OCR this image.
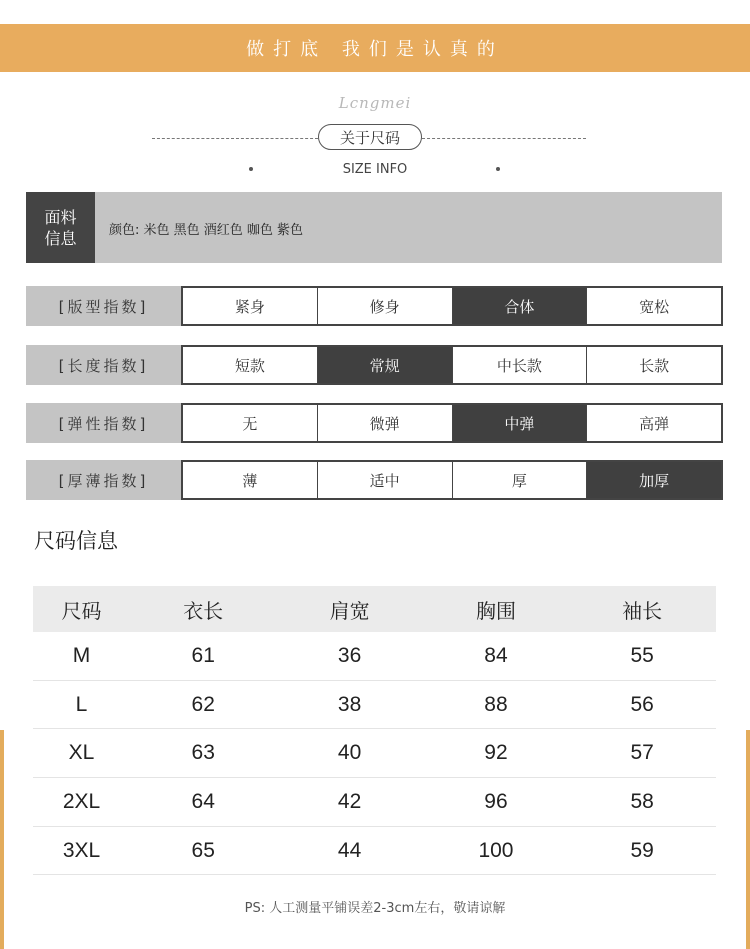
做打底 我们是认真的
Lcngmei
关于尺码
SIZE INFO
面料
信息	颜色: 米色 黑色 酒红色 咖色 紫色
[版型指数]	紧身	修身	合体	宽松
[长度指数]	短款	常规	中长款	长款
[弹性指数]	无	微弹	中弹	高弹
[厚薄指数]	薄	适中	厚	加厚
尺码信息
尺码	衣长	肩宽	胸围	袖长
M	61	36	84	55
L	62	38	88	56
XL	63	40	92	57
2XL	64	42	96	58
3XL	65	44	100	59
PS: 人工测量平铺误差2-3cm左右，敬请谅解
